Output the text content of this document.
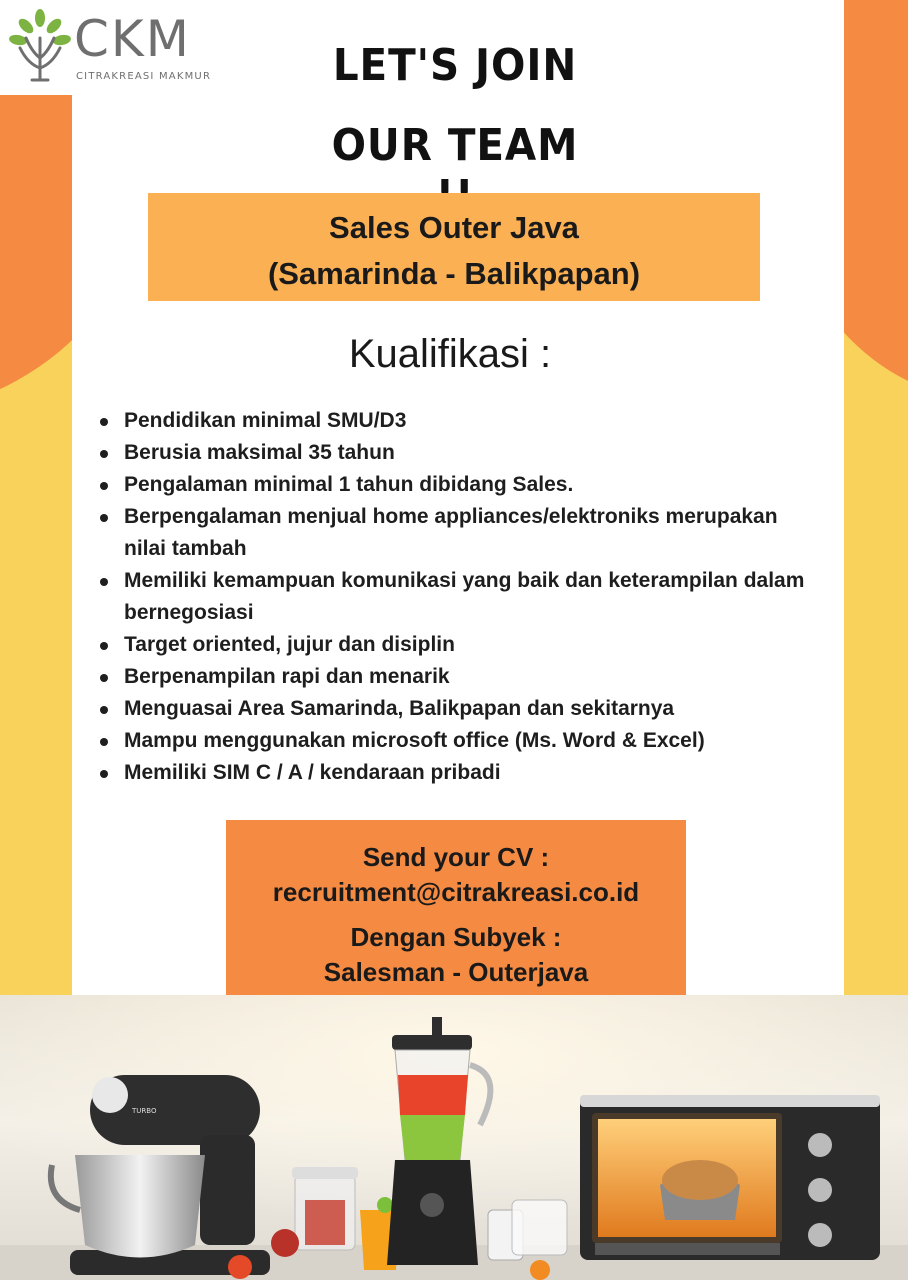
CKM
CITRAKREASI MAKMUR	LET'S JOIN
OUR TEAM
Sales Outer Java
(Samarinda - Balikpapan)
Kualifikasi :
Pendidikan minimal SMU/D3
Berusia maksimal 35 tahun
Pengalaman minimal 1 tahun dibidang Sales.
Berpengalaman menjual home appliances/elektroniks merupakan nilai tambah
Memiliki kemampuan komunikasi yang baik dan keterampilan dalam bernegosiasi
Target oriented, jujur dan disiplin
Berpenampilan rapi dan menarik
Menguasai Area Samarinda, Balikpapan dan sekitarnya
Mampu menggunakan microsoft office (Ms. Word & Excel)
Memiliki SIM C / A / kendaraan pribadi
Send your CV :
recruitment@citrakreasi.co.id
Dengan Subyek :
Salesman - Outerjava
TURBO
